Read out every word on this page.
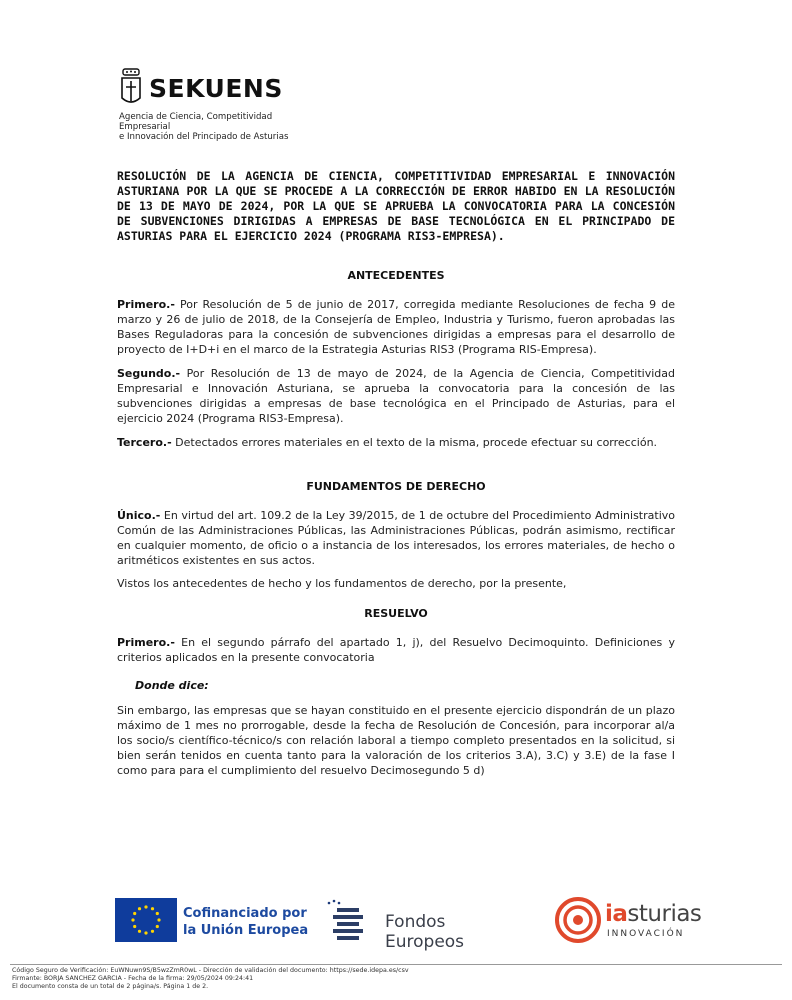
SEKUENS
Agencia de Ciencia, Competitividad Empresarial
e Innovación del Principado de Asturias
RESOLUCIÓN DE LA AGENCIA DE CIENCIA, COMPETITIVIDAD EMPRESARIAL E INNOVACIÓN ASTURIANA POR LA QUE SE PROCEDE A LA CORRECCIÓN DE ERROR HABIDO EN LA RESOLUCIÓN DE 13 DE MAYO DE 2024, POR LA QUE SE APRUEBA LA CONVOCATORIA PARA LA CONCESIÓN DE SUBVENCIONES DIRIGIDAS A EMPRESAS DE BASE TECNOLÓGICA EN EL PRINCIPADO DE ASTURIAS PARA EL EJERCICIO 2024 (PROGRAMA RIS3-EMPRESA).
ANTECEDENTES
Primero.- Por Resolución de 5 de junio de 2017, corregida mediante Resoluciones de fecha 9 de marzo y 26 de julio de 2018, de la Consejería de Empleo, Industria y Turismo, fueron aprobadas las Bases Reguladoras para la concesión de subvenciones dirigidas a empresas para el desarrollo de proyecto de I+D+i en el marco de la Estrategia Asturias RIS3 (Programa RIS-Empresa).
Segundo.- Por Resolución de 13 de mayo de 2024, de la Agencia de Ciencia, Competitividad Empresarial e Innovación Asturiana, se aprueba la convocatoria para la concesión de las subvenciones dirigidas a empresas de base tecnológica en el Principado de Asturias, para el ejercicio 2024 (Programa RIS3-Empresa).
Tercero.- Detectados errores materiales en el texto de la misma, procede efectuar su corrección.
FUNDAMENTOS DE DERECHO
Único.- En virtud del art. 109.2 de la Ley 39/2015, de 1 de octubre del Procedimiento Administrativo Común de las Administraciones Públicas, las Administraciones Públicas, podrán asimismo, rectificar en cualquier momento, de oficio o a instancia de los interesados, los errores materiales, de hecho o aritméticos existentes en sus actos.
Vistos los antecedentes de hecho y los fundamentos de derecho, por la presente,
RESUELVO
Primero.- En el segundo párrafo del apartado 1, j), del Resuelvo Decimoquinto. Definiciones y criterios aplicados en la presente convocatoria
Donde dice:
Sin embargo, las empresas que se hayan constituido en el presente ejercicio dispondrán de un plazo máximo de 1 mes no prorrogable, desde la fecha de Resolución de Concesión, para incorporar al/a los socio/s científico-técnico/s con relación laboral a tiempo completo presentados en la solicitud, si bien serán tenidos en cuenta tanto para la valoración de los criterios 3.A), 3.C) y 3.E) de la fase I como para para el cumplimiento del resuelvo Decimosegundo 5 d)
Cofinanciado por
la Unión Europea	Fondos Europeos
iasturias
INNOVACIÓN
Código Seguro de Verificación: EuWNuwn9S/B5wzZmR0wL - Dirección de validación del documento: https://sede.idepa.es/csv
Firmante: BORJA SANCHEZ GARCIA - Fecha de la firma: 29/05/2024 09:24:41
El documento consta de un total de 2 página/s. Página 1 de 2.
